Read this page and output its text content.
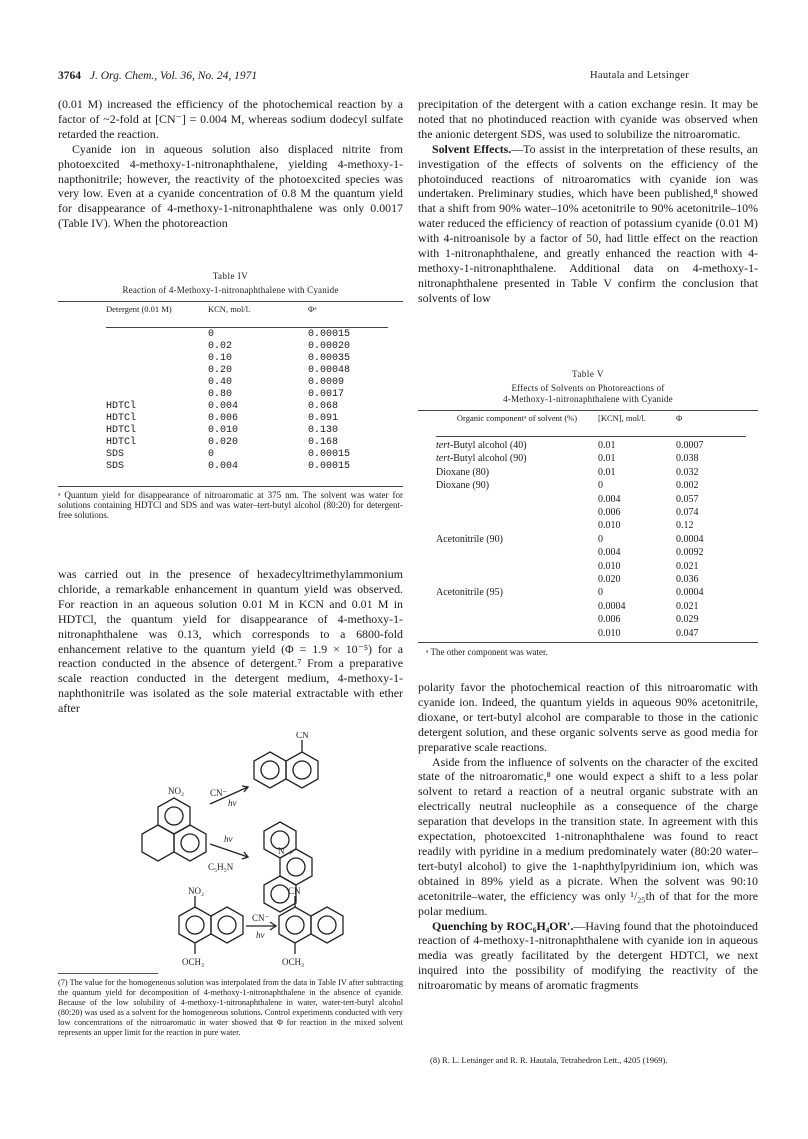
3764 J. Org. Chem., Vol. 36, No. 24, 1971	Hautala and Letsinger

(0.01 M) increased the efficiency of the photochemical reaction by a factor of ~2-fold at [CN⁻] = 0.004 M, whereas sodium dodecyl sulfate retarded the reaction.

Cyanide ion in aqueous solution also displaced nitrite from photoexcited 4-methoxy-1-nitronaphthalene, yielding 4-methoxy-1-napthonitrile; however, the reactivity of the photoexcited species was very low. Even at a cyanide concentration of 0.8 M the quantum yield for disappearance of 4-methoxy-1-nitronaphthalene was only 0.0017 (Table IV). When the photoreaction

Table IV
Reaction of 4-Methoxy-1-nitronaphthalene with Cyanide
Detergent (0.01 M)	KCN, mol/l.	Φᵃ
	0	0.00015
	0.02	0.00020
	0.10	0.00035
	0.20	0.00048
	0.40	0.0009
	0.80	0.0017
HDTCl	0.004	0.068
HDTCl	0.006	0.091
HDTCl	0.010	0.130
HDTCl	0.020	0.168
SDS	0	0.00015
SDS	0.004	0.00015
ᵃ Quantum yield for disappearance of nitroaromatic at 375 nm. The solvent was water for solutions containing HDTCl and SDS and was water–tert-butyl alcohol (80:20) for detergent-free solutions.

was carried out in the presence of hexadecyltrimethylammonium chloride, a remarkable enhancement in quantum yield was observed. For reaction in an aqueous solution 0.01 M in KCN and 0.01 M in HDTCl, the quantum yield for disappearance of 4-methoxy-1-nitronaphthalene was 0.13, which corresponds to a 6800-fold enhancement relative to the quantum yield (Φ = 1.9 × 10⁻⁵) for a reaction conducted in the absence of detergent.⁷ From a preparative scale reaction conducted in the detergent medium, 4-methoxy-1-naphthonitrile was isolated as the sole material extractable with ether after

CN
NO₂	CN⁻
hν
hν
C₅H₅N
N +
NO₂	CN
CN⁻
hν
OCH₃	OCH₃
(7) The value for the homogeneous solution was interpolated from the data in Table IV after subtracting the quantum yield for decomposition of 4-methoxy-1-nitronaphthalene in the absence of cyanide. Because of the low solubility of 4-methoxy-1-nitronaphthalene in water, water-tert-butyl alcohol (80:20) was used as a solvent for the homogeneous solutions. Control experiments conducted with very low concentrations of the nitroaromatic in water showed that Φ for reaction in the mixed solvent represents an upper limit for the reaction in pure water.

precipitation of the detergent with a cation exchange resin. It may be noted that no photinduced reaction with cyanide was observed when the anionic detergent SDS, was used to solubilize the nitroaromatic.

Solvent Effects.—To assist in the interpretation of these results, an investigation of the effects of solvents on the efficiency of the photoinduced reactions of nitroaromatics with cyanide ion was undertaken. Preliminary studies, which have been published,⁸ showed that a shift from 90% water–10% acetonitrile to 90% acetonitrile–10% water reduced the efficiency of reaction of potassium cyanide (0.01 M) with 4-nitroanisole by a factor of 50, had little effect on the reaction with 1-nitronaphthalene, and greatly enhanced the reaction with 4-methoxy-1-nitronaphthalene. Additional data on 4-methoxy-1-nitronaphthalene presented in Table V confirm the conclusion that solvents of low

Table V
Effects of Solvents on Photoreactions of
4-Methoxy-1-nitronaphthalene with Cyanide
Organic componentᵃ of solvent (%)	[KCN], mol/l.	Φ
tert-Butyl alcohol (40)	0.01	0.0007
tert-Butyl alcohol (90)	0.01	0.038
Dioxane (80)	0.01	0.032
Dioxane (90)	0	0.002
	0.004	0.057
	0.006	0.074
	0.010	0.12
Acetonitrile (90)	0	0.0004
	0.004	0.0092
	0.010	0.021
	0.020	0.036
Acetonitrile (95)	0	0.0004
	0.0004	0.021
	0.006	0.029
	0.010	0.047
ᵃ The other component was water.

polarity favor the photochemical reaction of this nitroaromatic with cyanide ion. Indeed, the quantum yields in aqueous 90% acetonitrile, dioxane, or tert-butyl alcohol are comparable to those in the cationic detergent solution, and these organic solvents serve as good media for preparative scale reactions.

Aside from the influence of solvents on the character of the excited state of the nitroaromatic,⁸ one would expect a shift to a less polar solvent to retard a reaction of a neutral organic substrate with an electrically neutral nucleophile as a consequence of the charge separation that develops in the transition state. In agreement with this expectation, photoexcited 1-nitronaphthalene was found to react readily with pyridine in a medium predominately water (80:20 water–tert-butyl alcohol) to give the 1-naphthylpyridinium ion, which was obtained in 89% yield as a picrate. When the solvent was 90:10 acetonitrile–water, the efficiency was only ¹/₂₅th of that for the more polar medium.

Quenching by ROC₆H₄OR′.—Having found that the photoinduced reaction of 4-methoxy-1-nitronaphthalene with cyanide ion in aqueous media was greatly facilitated by the detergent HDTCl, we next inquired into the possibility of modifying the reactivity of the nitroaromatic by means of aromatic fragments

(8) R. L. Letsinger and R. R. Hautala, Tetrahedron Lett., 4205 (1969).
